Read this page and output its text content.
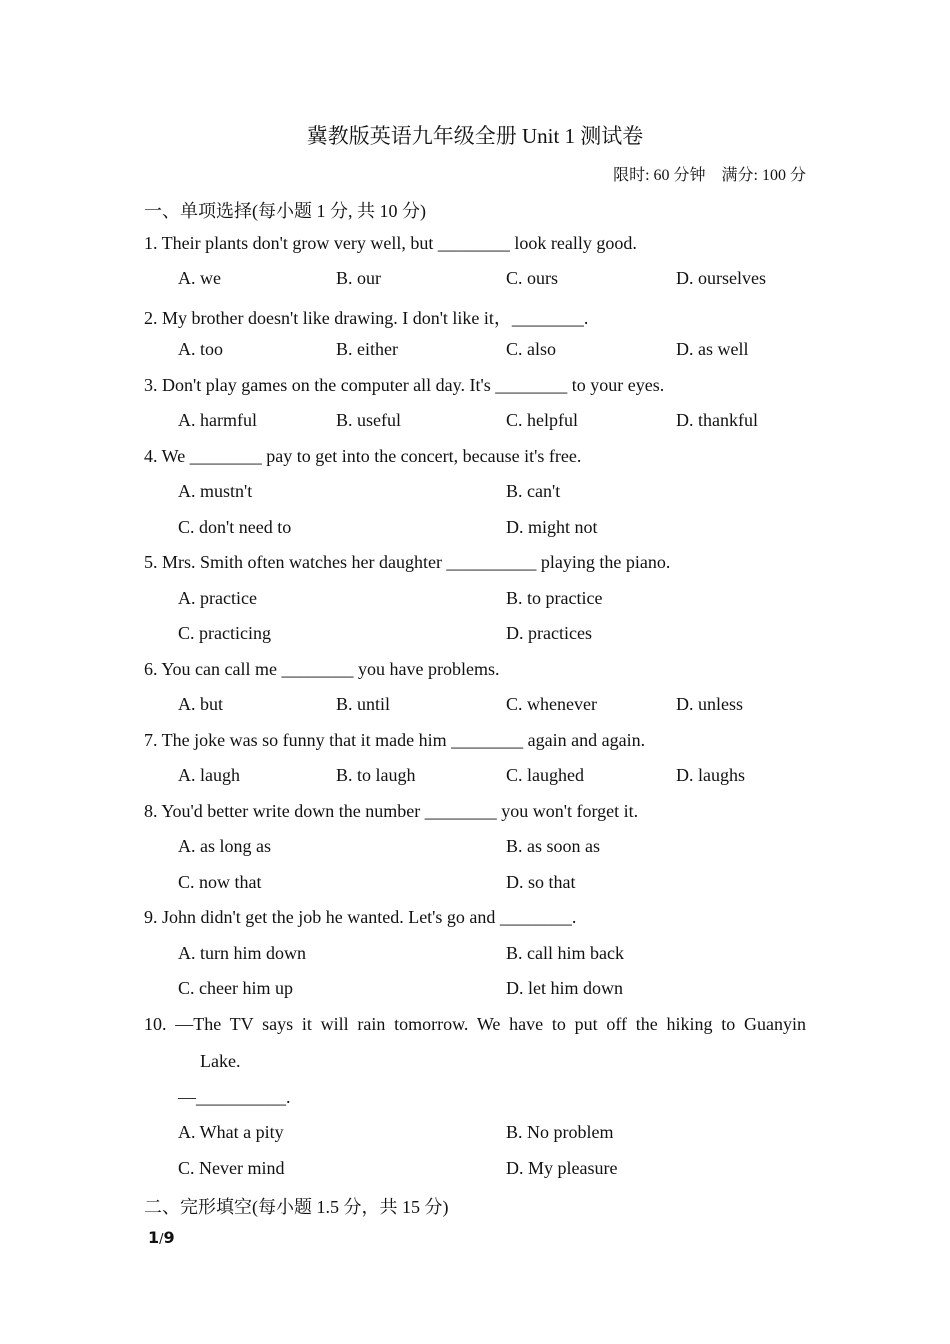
冀教版英语九年级全册 Unit 1 测试卷
限时: 60 分钟 满分: 100 分
一、单项选择(每小题 1 分, 共 10 分)
1. Their plants don't grow very well, but ________ look really good.
A. we	B. our	C. ours	D. ourselves
2. My brother doesn't like drawing. I don't like it，________.
A. too	B. either	C. also	D. as well
3. Don't play games on the computer all day. It's ________ to your eyes.
A. harmful	B. useful	C. helpful	D. thankful
4. We ________ pay to get into the concert, because it's free.
A. mustn't	B. can't
C. don't need to	D. might not
5. Mrs. Smith often watches her daughter __________ playing the piano.
A. practice	B. to practice
C. practicing	D. practices
6. You can call me ________ you have problems.
A. but	B. until	C. whenever	D. unless
7. The joke was so funny that it made him ________ again and again.
A. laugh	B. to laugh	C. laughed	D. laughs
8. You'd better write down the number ________ you won't forget it.
A. as long as	B. as soon as
C. now that	D. so that
9. John didn't get the job he wanted. Let's go and ________.
A. turn him down	B. call him back
C. cheer him up	D. let him down
10. —The TV says it will rain tomorrow. We have to put off the hiking to Guanyin
Lake.
—__________.
A. What a pity	B. No problem
C. Never mind	D. My pleasure
二、完形填空(每小题 1.5 分，共 15 分)
1/9
